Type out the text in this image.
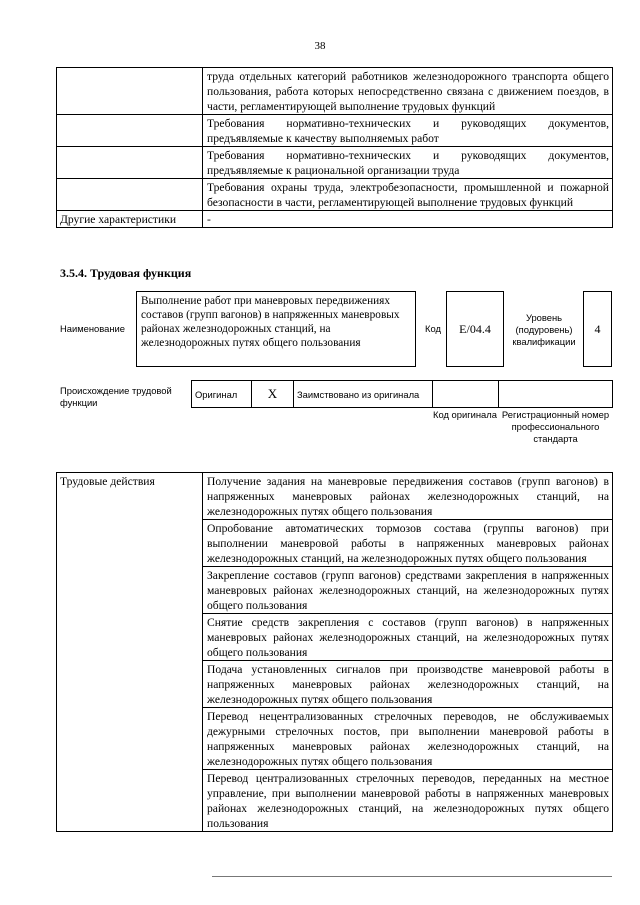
38
	труда отдельных категорий работников железнодорожного транспорта общего пользования, работа которых непосредственно связана с движением поездов, в части, регламентирующей выполнение трудовых функций
	Требования нормативно-технических и руководящих документов, предъявляемые к качеству выполняемых работ
	Требования нормативно-технических и руководящих документов, предъявляемые к рациональной организации труда
	Требования охраны труда, электробезопасности, промышленной и пожарной безопасности в части, регламентирующей выполнение трудовых функций
Другие характеристики	-
3.5.4. Трудовая функция
Наименование
Выполнение работ при маневровых передвижениях составов (групп вагонов) в напряженных маневровых районах железнодорожных станций, на железнодорожных путях общего пользования
Код E/04.4
Уровень (подуровень) квалификации
4
Происхождение трудовой функции
Оригинал	X	Заимствовано из оригинала		
Код оригинала Регистрационный номер профессионального стандарта
Трудовые действия	Получение задания на маневровые передвижения составов (групп вагонов) в напряженных маневровых районах железнодорожных станций, на железнодорожных путях общего пользования
Опробование автоматических тормозов состава (группы вагонов) при выполнении маневровой работы в напряженных маневровых районах железнодорожных станций, на железнодорожных путях общего пользования
Закрепление составов (групп вагонов) средствами закрепления в напряженных маневровых районах железнодорожных станций, на железнодорожных путях общего пользования
Снятие средств закрепления с составов (групп вагонов) в напряженных маневровых районах железнодорожных станций, на железнодорожных путях общего пользования
Подача установленных сигналов при производстве маневровой работы в напряженных маневровых районах железнодорожных станций, на железнодорожных путях общего пользования
Перевод нецентрализованных стрелочных переводов, не обслуживаемых дежурными стрелочных постов, при выполнении маневровой работы в напряженных маневровых районах железнодорожных станций, на железнодорожных путях общего пользования
Перевод централизованных стрелочных переводов, переданных на местное управление, при выполнении маневровой работы в напряженных маневровых районах железнодорожных станций, на железнодорожных путях общего пользования
